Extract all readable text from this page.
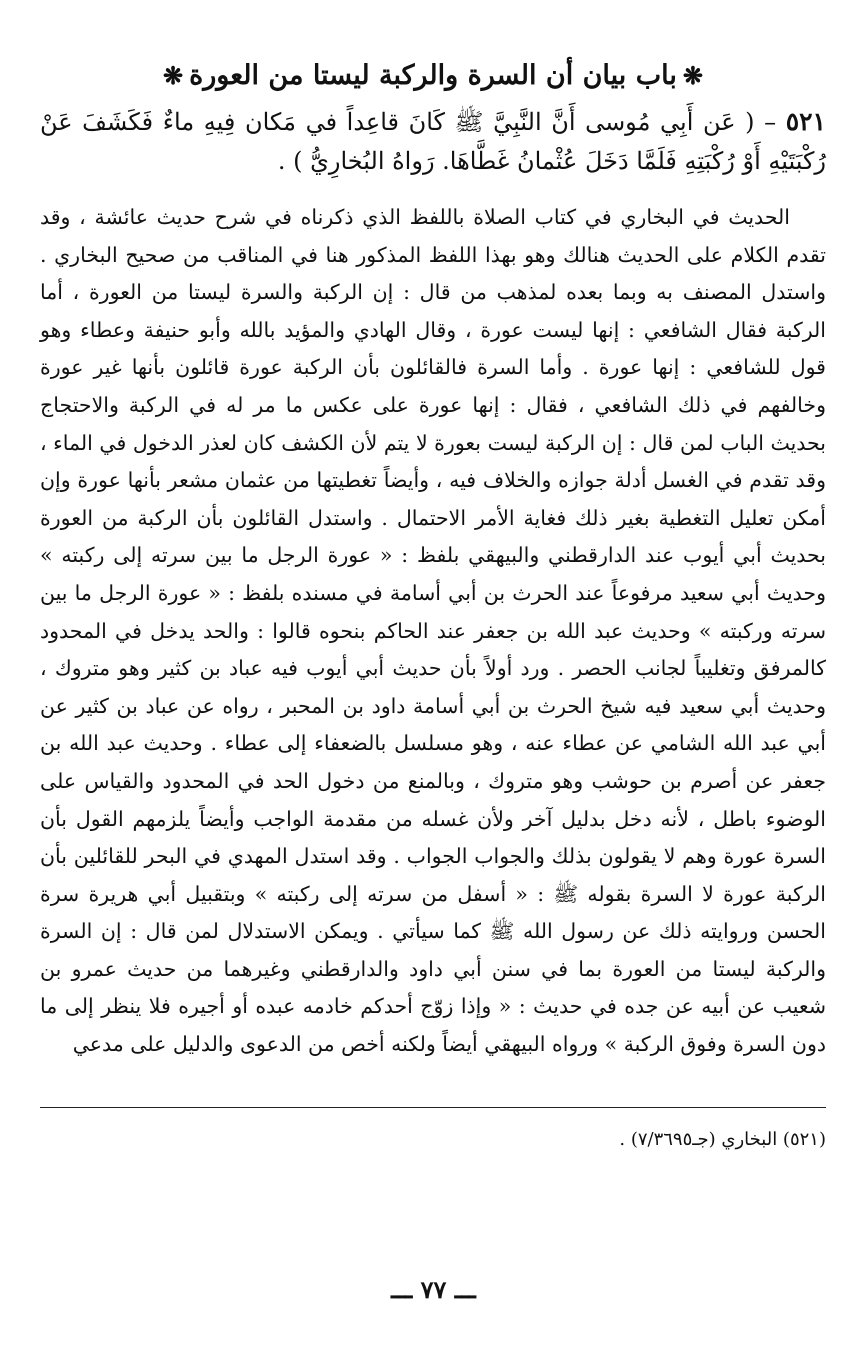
❋باب بيان أن السرة والركبة ليستا من العورة❋
٥٢١ – ( عَن أَبِي مُوسى أَنَّ النَّبِيَّ ﷺ كَانَ قاعِداً في مَكان فِيهِ ماءٌ فَكَشَفَ عَنْ رُكْبَتَيْهِ أَوْ رُكْبَتِهِ فَلَمَّا دَخَلَ عُثْمانُ غَطَّاهَا. رَواهُ البُخارِيُّ ) .

الحديث في البخاري في كتاب الصلاة باللفظ الذي ذكرناه في شرح حديث عائشة ، وقد تقدم الكلام على الحديث هنالك وهو بهذا اللفظ المذكور هنا في المناقب من صحيح البخاري . واستدل المصنف به وبما بعده لمذهب من قال : إن الركبة والسرة ليستا من العورة ، أما الركبة فقال الشافعي : إنها ليست عورة ، وقال الهادي والمؤيد بالله وأبو حنيفة وعطاء وهو قول للشافعي : إنها عورة . وأما السرة فالقائلون بأن الركبة عورة قائلون بأنها غير عورة وخالفهم في ذلك الشافعي ، فقال : إنها عورة على عكس ما مر له في الركبة والاحتجاج بحديث الباب لمن قال : إن الركبة ليست بعورة لا يتم لأن الكشف كان لعذر الدخول في الماء ، وقد تقدم في الغسل أدلة جوازه والخلاف فيه ، وأيضاً تغطيتها من عثمان مشعر بأنها عورة وإن أمكن تعليل التغطية بغير ذلك فغاية الأمر الاحتمال . واستدل القائلون بأن الركبة من العورة بحديث أبي أيوب عند الدارقطني والبيهقي بلفظ : « عورة الرجل ما بين سرته إلى ركبته » وحديث أبي سعيد مرفوعاً عند الحرث بن أبي أسامة في مسنده بلفظ : « عورة الرجل ما بين سرته وركبته » وحديث عبد الله بن جعفر عند الحاكم بنحوه قالوا : والحد يدخل في المحدود كالمرفق وتغليباً لجانب الحصر . ورد أولاً بأن حديث أبي أيوب فيه عباد بن كثير وهو متروك ، وحديث أبي سعيد فيه شيخ الحرث بن أبي أسامة داود بن المحبر ، رواه عن عباد بن كثير عن أبي عبد الله الشامي عن عطاء عنه ، وهو مسلسل بالضعفاء إلى عطاء . وحديث عبد الله بن جعفر عن أصرم بن حوشب وهو متروك ، وبالمنع من دخول الحد في المحدود والقياس على الوضوء باطل ، لأنه دخل بدليل آخر ولأن غسله من مقدمة الواجب وأيضاً يلزمهم القول بأن السرة عورة وهم لا يقولون بذلك والجواب الجواب . وقد استدل المهدي في البحر للقائلين بأن الركبة عورة لا السرة بقوله ﷺ : « أسفل من سرته إلى ركبته » وبتقبيل أبي هريرة سرة الحسن وروايته ذلك عن رسول الله ﷺ كما سيأتي . ويمكن الاستدلال لمن قال : إن السرة والركبة ليستا من العورة بما في سنن أبي داود والدارقطني وغيرهما من حديث عمرو بن شعيب عن أبيه عن جده في حديث : « وإذا زوّج أحدكم خادمه عبده أو أجيره فلا ينظر إلى ما دون السرة وفوق الركبة » ورواه البيهقي أيضاً ولكنه أخص من الدعوى والدليل على مدعي

(٥٢١) البخاري (جـ٧/٣٦٩٥) .
ـــ ٧٧ ـــ
